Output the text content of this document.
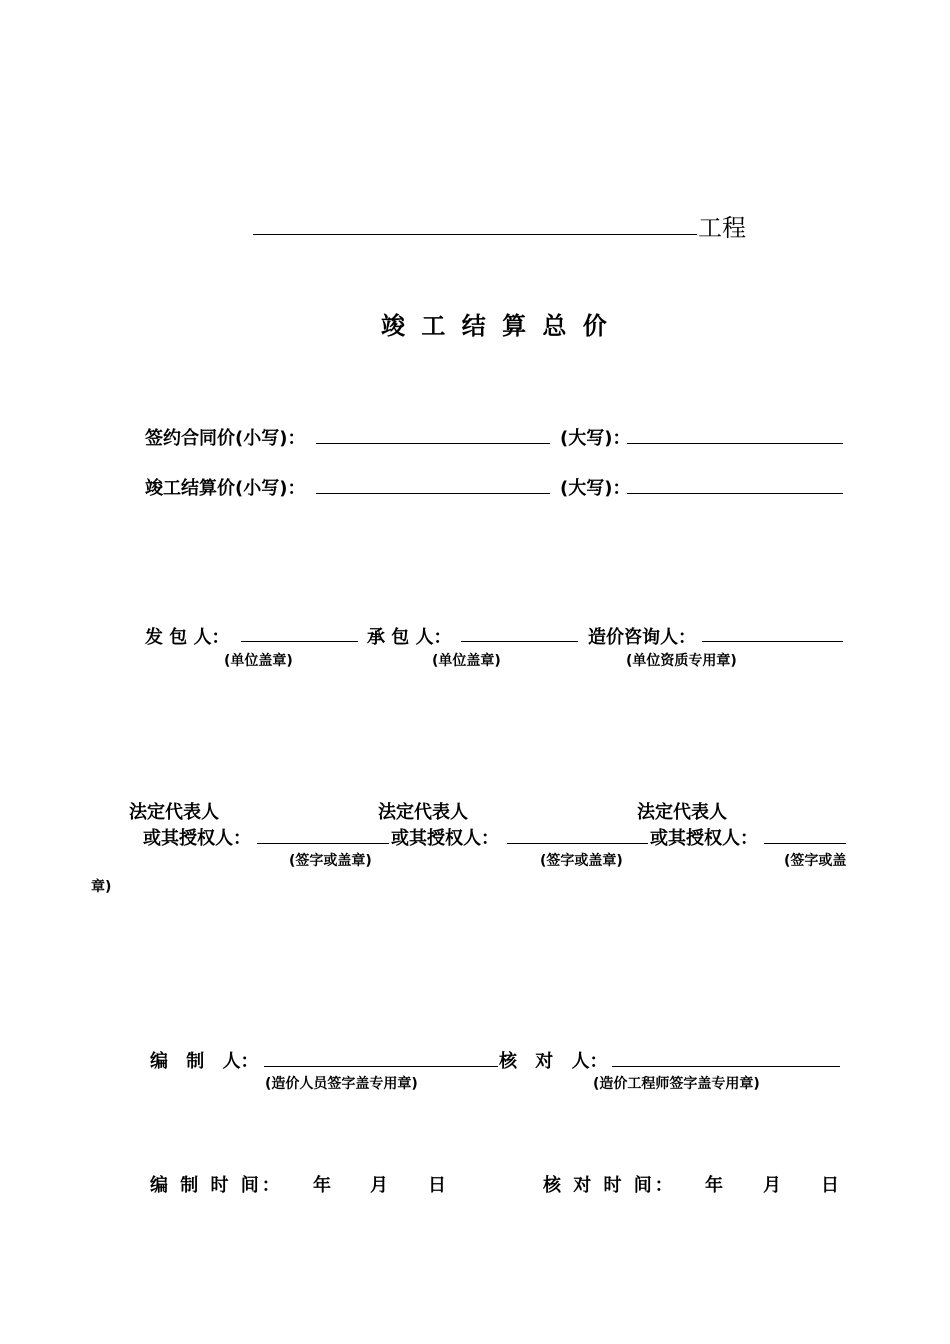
工程
竣 工 结 算 总 价
签约合同价(小写)：	(大写)：
竣工结算价(小写)：	(大写)：
发 包 人：	承 包 人：	造价咨询人：
(单位盖章)	(单位盖章)	(单位资质专用章)
法定代表人	法定代表人	法定代表人
或其授权人：	或其授权人：	或其授权人：
(签字或盖章)	(签字或盖章)	(签字或盖
章)
编 制 人：	核 对 人：
(造价人员签字盖专用章)	(造价工程师签字盖专用章)
编 制 时 间： 年 月 日	核 对 时 间： 年 月 日
